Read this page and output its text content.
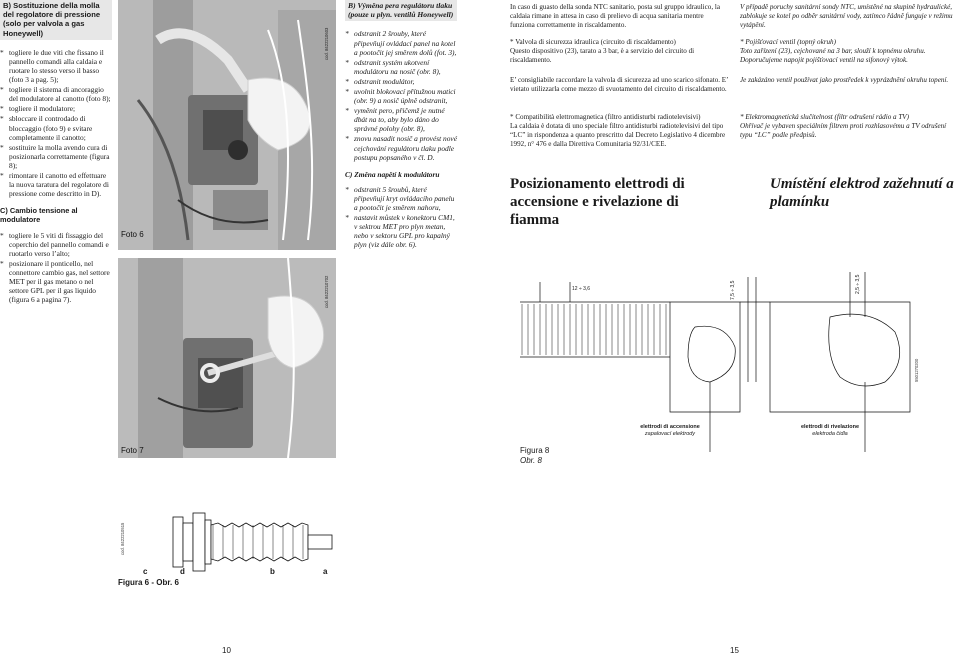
B) Sostituzione della molla del regolatore di pressione (solo per valvola a gas Honeywell)
* togliere le due viti che fissano il pannello comandi alla caldaia e ruotare lo stesso verso il basso (foto 3 a pag. 5);
* togliere il sistema di ancoraggio del modulatore al canotto (foto 8);
* togliere il modulatore;
* sbloccare il controdado di bloccaggio (foto 9) e svitare completamente il canotto;
* sostituire la molla avendo cura di posizionarla correttamente (figura 8);
* rimontare il canotto ed effettuare la nuova taratura del regolatore di pressione come descritto in D).
C) Cambio tensione al modulatore
* togliere le 5 viti di fissaggio del coperchio del pannello comandi e ruotarlo verso l’alto;
* posizionare il ponticello, nel connettore cambio gas, nel settore MET per il gas metano o nel settore GPL per il gas liquido (figura 6 a pagina 7).
Foto 6
cod. 8422210603
Foto 7
cod. 8422210702
cod. 8422210515
c	d	b	a
Figura 6 - Obr. 6
B) Výměna pera regulátoru tlaku (pouze u plyn. ventilů Honeywell)
* odstranit 2 šrouby, které připevňují ovládací panel na kotel a pootočit jej směrem dolů (fot. 3),
* odstranit systém ukotvení modulátoru na nosič (obr. 8),
* odstranit modulátor,
* uvolnit blokovací přítužnou matici (obr. 9) a nosič úplně odstranit,
* vyměnit pero, přičemž je nutné dbát na to, aby bylo dáno do správné polohy (obr. 8),
* znovu nasadit nosič a provést nové cejchování regulátoru tlaku podle postupu popsaného v čl. D.
C) Změna napětí k modulátoru
* odstranit 5 šroubů, které připevňují kryt ovládacího panelu a pootočit je směrem nahoru,
* nastavit můstek v konektoru CM1, v sektrou MET pro plyn metan, nebo v sektoru GPL pro kapalný plyn (viz dále obr. 6).
10
In caso di guasto della sonda NTC sanitario, posta sul gruppo idraulico, la caldaia rimane in attesa in caso di prelievo di acqua sanitaria mentre funziona correttamente in riscaldamento.
* Valvola di sicurezza idraulica (circuito di riscaldamento)
Questo dispositivo (23), tarato a 3 bar, è a servizio del circuito di riscaldamento.
E’ consigliabile raccordare la valvola di sicurezza ad uno scarico sifonato. E’ vietato utilizzarla come mezzo di svuotamento del circuito di riscaldamento.
* Compatibilità elettromagnetica (filtro antidisturbi radiotelevisivi)
La caldaia è dotata di uno speciale filtro antidisturbi radiotelevisivi del tipo “LC” in rispondenza a quanto prescritto dal Decreto Legislativo 4 dicembre 1992, n° 476 e dalla Direttiva Comunitaria 92/31/CEE.
Posizionamento elettrodi di accensione e rivelazione di fiamma
V případě poruchy sanitární sondy NTC, umístěné na skupině hydraulické, zablokuje se kotel po odběr sanitární vody, zatímco řádně funguje v režimu vytápění.
* Pojišťovací ventil (topný okruh)
Toto zařízení (23), cejchované na 3 bar, slouží k topnému okruhu. Doporučujeme napojit pojišťovací ventil na sifonový výtok.
Je zakázáno ventil používat jako prostředek k vyprázdnění okruhu topení.
* Elektromagnetická slučitelnost (filtr odrušení rádio a TV)
Ohřívač je vybaven speciálním filtrem proti rozhlasovému a TV odrušení typu “LC” podle předpisů.
Umístění elektrod zažehnutí a plamínku
12 ÷ 3,6	7,5 ÷ 3,5	2,5 ÷ 3,5
5501270200
Figura 8
Obr. 8
elettrodi di accensione
zapalovací elektrody
elettrodi di rivelazione
elektroda čidla
15
